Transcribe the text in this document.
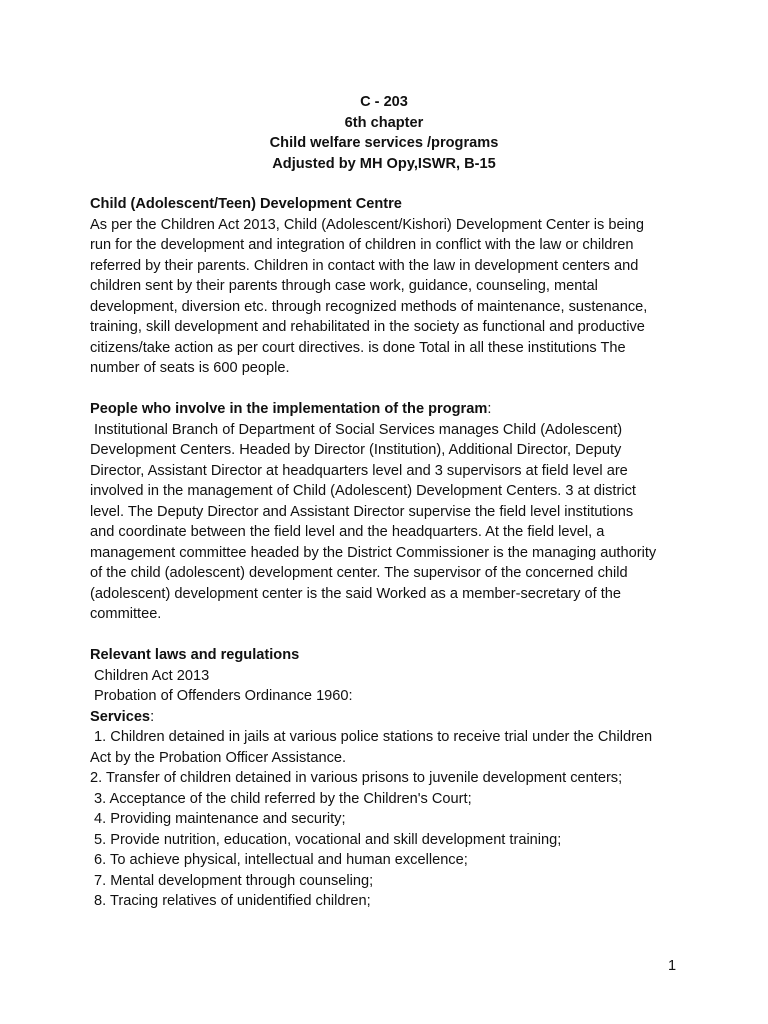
C - 203
6th chapter
Child welfare services /programs
Adjusted by MH Opy,ISWR, B-15
Child (Adolescent/Teen) Development Centre
As per the Children Act 2013, Child (Adolescent/Kishori) Development Center is being
run for the development and integration of children in conflict with the law or children
referred by their parents. Children in contact with the law in development centers and
children sent by their parents through case work, guidance, counseling, mental
development, diversion etc. through recognized methods of maintenance, sustenance,
training, skill development and rehabilitated in the society as functional and productive
citizens/take action as per court directives. is done Total in all these institutions The
number of seats is 600 people.
People who involve in the implementation of the program:
Institutional Branch of Department of Social Services manages Child (Adolescent)
Development Centers. Headed by Director (Institution), Additional Director, Deputy
Director, Assistant Director at headquarters level and 3 supervisors at field level are
involved in the management of Child (Adolescent) Development Centers. 3 at district
level. The Deputy Director and Assistant Director supervise the field level institutions
and coordinate between the field level and the headquarters. At the field level, a
management committee headed by the District Commissioner is the managing authority
of the child (adolescent) development center. The supervisor of the concerned child
(adolescent) development center is the said Worked as a member-secretary of the
committee.
Relevant laws and regulations
Children Act 2013
Probation of Offenders Ordinance 1960:
Services:
1. Children detained in jails at various police stations to receive trial under the Children
Act by the Probation Officer Assistance.
2. Transfer of children detained in various prisons to juvenile development centers;
3. Acceptance of the child referred by the Children's Court;
4. Providing maintenance and security;
5. Provide nutrition, education, vocational and skill development training;
6. To achieve physical, intellectual and human excellence;
7. Mental development through counseling;
8. Tracing relatives of unidentified children;
1
